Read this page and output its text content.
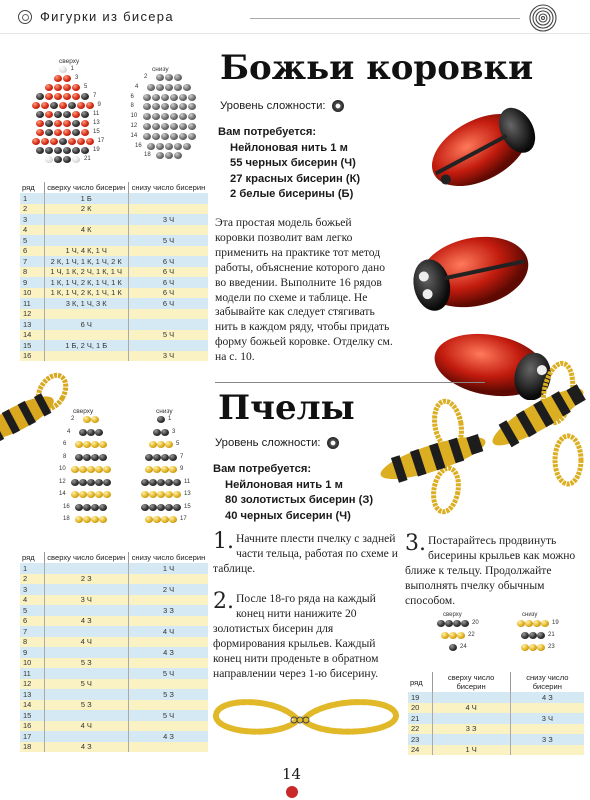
Фигурки из бисера
сверху
1
3
5
7
9
11
13
15
17
19
21
снизу
2
4
6
8
10
12
14
16
18
Божьи коровки
Уровень сложности:
Вам потребуется:
Нейлоновая нить 1 м
55 черных бисерин (Ч)
27 красных бисерин (К)
2 белые бисерины (Б)
ряд	сверху число бисерин	снизу число бисерин
1	1 Б	
2	2 К	
3		3 Ч
4	4 К	
5		5 Ч
6	1 Ч, 4 К, 1 Ч	
7	2 К, 1 Ч, 1 К, 1 Ч, 2 К	6 Ч
8	1 Ч, 1 К, 2 Ч, 1 К, 1 Ч	6 Ч
9	1 К, 1 Ч, 2 К, 1 Ч, 1 К	6 Ч
10	1 К, 1 Ч, 2 К, 1 Ч, 1 К	6 Ч
11	3 К, 1 Ч, 3 К	6 Ч
12		
13	6 Ч	
14		5 Ч
15	1 Б, 2 Ч, 1 Б	
16		3 Ч
Эта простая модель божьей коровки позволит вам легко применить на практике тот метод работы, объяснение которого дано во введении. Выполните 16 рядов модели по схеме и таблице. Не забывайте как следует стягивать нить в каждом ряду, чтобы придать форму божьей коровке. Отделку см. на с. 10.
сверху
2
4
6
8
10
12
14
16
18
снизу
1
3
5
7
9
11
13
15
17
Пчелы
Уровень сложности:
Вам потребуется:
Нейлоновая нить 1 м
80 золотистых бисерин (З)
40 черных бисерин (Ч)
ряд	сверху число бисерин	снизу число бисерин
1		1 Ч
2	2 З	
3		2 Ч
4	3 Ч	
5		3 З
6	4 З	
7		4 Ч
8	4 Ч	
9		4 З
10	5 З	
11		5 Ч
12	5 Ч	
13		5 З
14	5 З	
15		5 Ч
16	4 Ч	
17		4 З
18	4 З	
1. Начните плести пчелку с задней части тельца, работая по схеме и таблице.
2. После 18-го ряда на каждый конец нити нанижите 20 золотистых бисерин для формирования крыльев. Каждый конец нити проденьте в обратном направлении через 1-ю бисерину.
3. Постарайтесь продвинуть бисерины крыльев как можно ближе к тельцу. Продолжайте выполнять пчелку обычным способом.
сверху
20
22
24
снизу
19
21
23
ряд	сверху число бисерин	снизу число бисерин
19		4 З
20	4 Ч	
21		3 Ч
22	3 З	
23		3 З
24	1 Ч	
14
